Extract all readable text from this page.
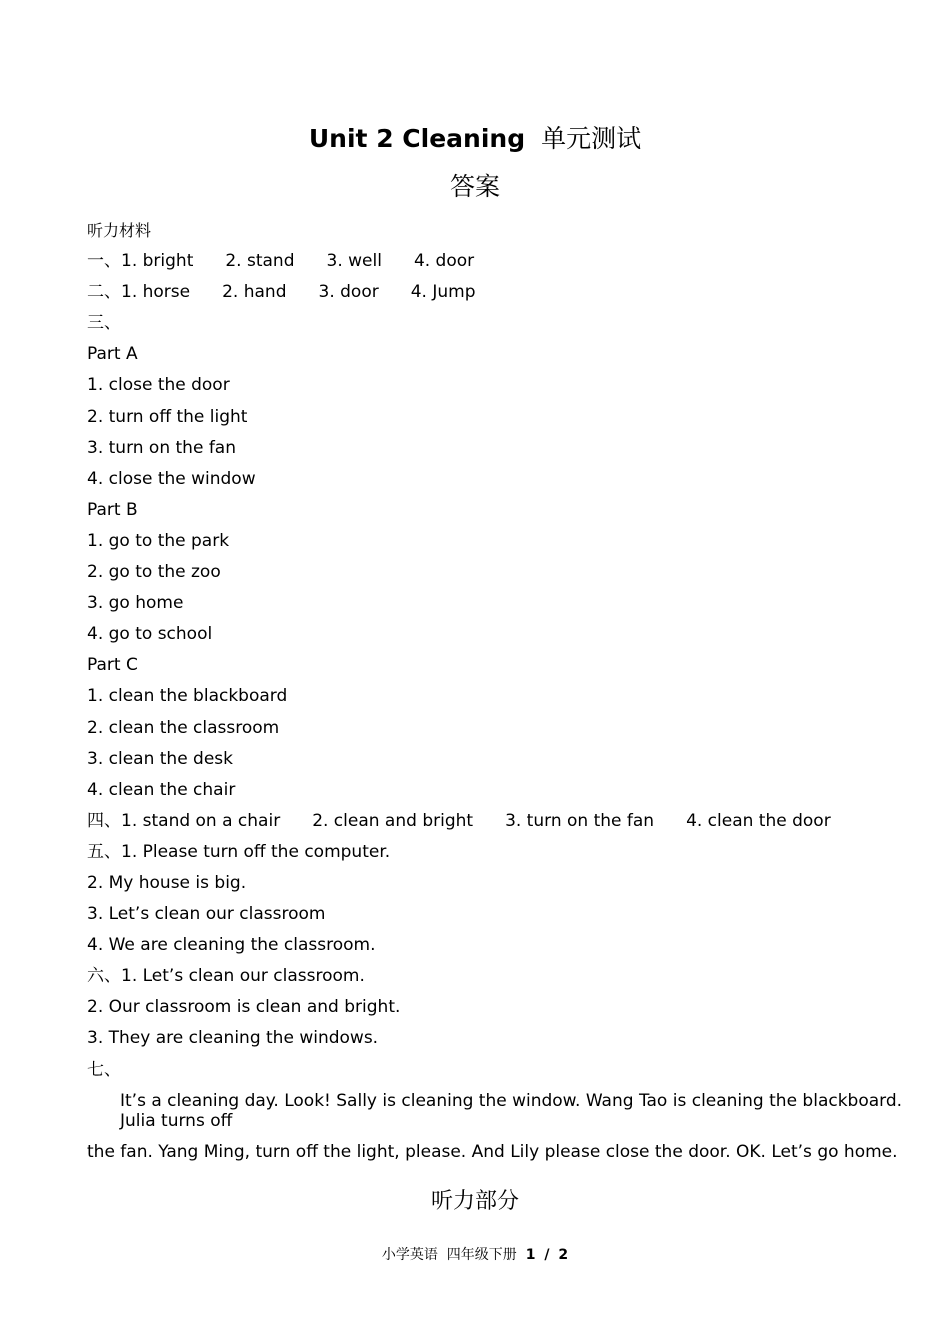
Unit 2 Cleaning 单元测试
答案
听力材料
一、1. bright 2. stand 3. well 4. door
二、1. horse 2. hand 3. door 4. Jump
三、
Part A
1. close the door
2. turn off the light
3. turn on the fan
4. close the window
Part B
1. go to the park
2. go to the zoo
3. go home
4. go to school
Part C
1. clean the blackboard
2. clean the classroom
3. clean the desk
4. clean the chair
四、1. stand on a chair 2. clean and bright 3. turn on the fan 4. clean the door
五、1. Please turn off the computer.
2. My house is big.
3. Let’s clean our classroom
4. We are cleaning the classroom.
六、1. Let’s clean our classroom.
2. Our classroom is clean and bright.
3. They are cleaning the windows.
七、
It’s a cleaning day. Look! Sally is cleaning the window. Wang Tao is cleaning the blackboard. Julia turns off
the fan. Yang Ming, turn off the light, please. And Lily please close the door. OK. Let’s go home.
听力部分
小学英语 四年级下册 1 / 2
